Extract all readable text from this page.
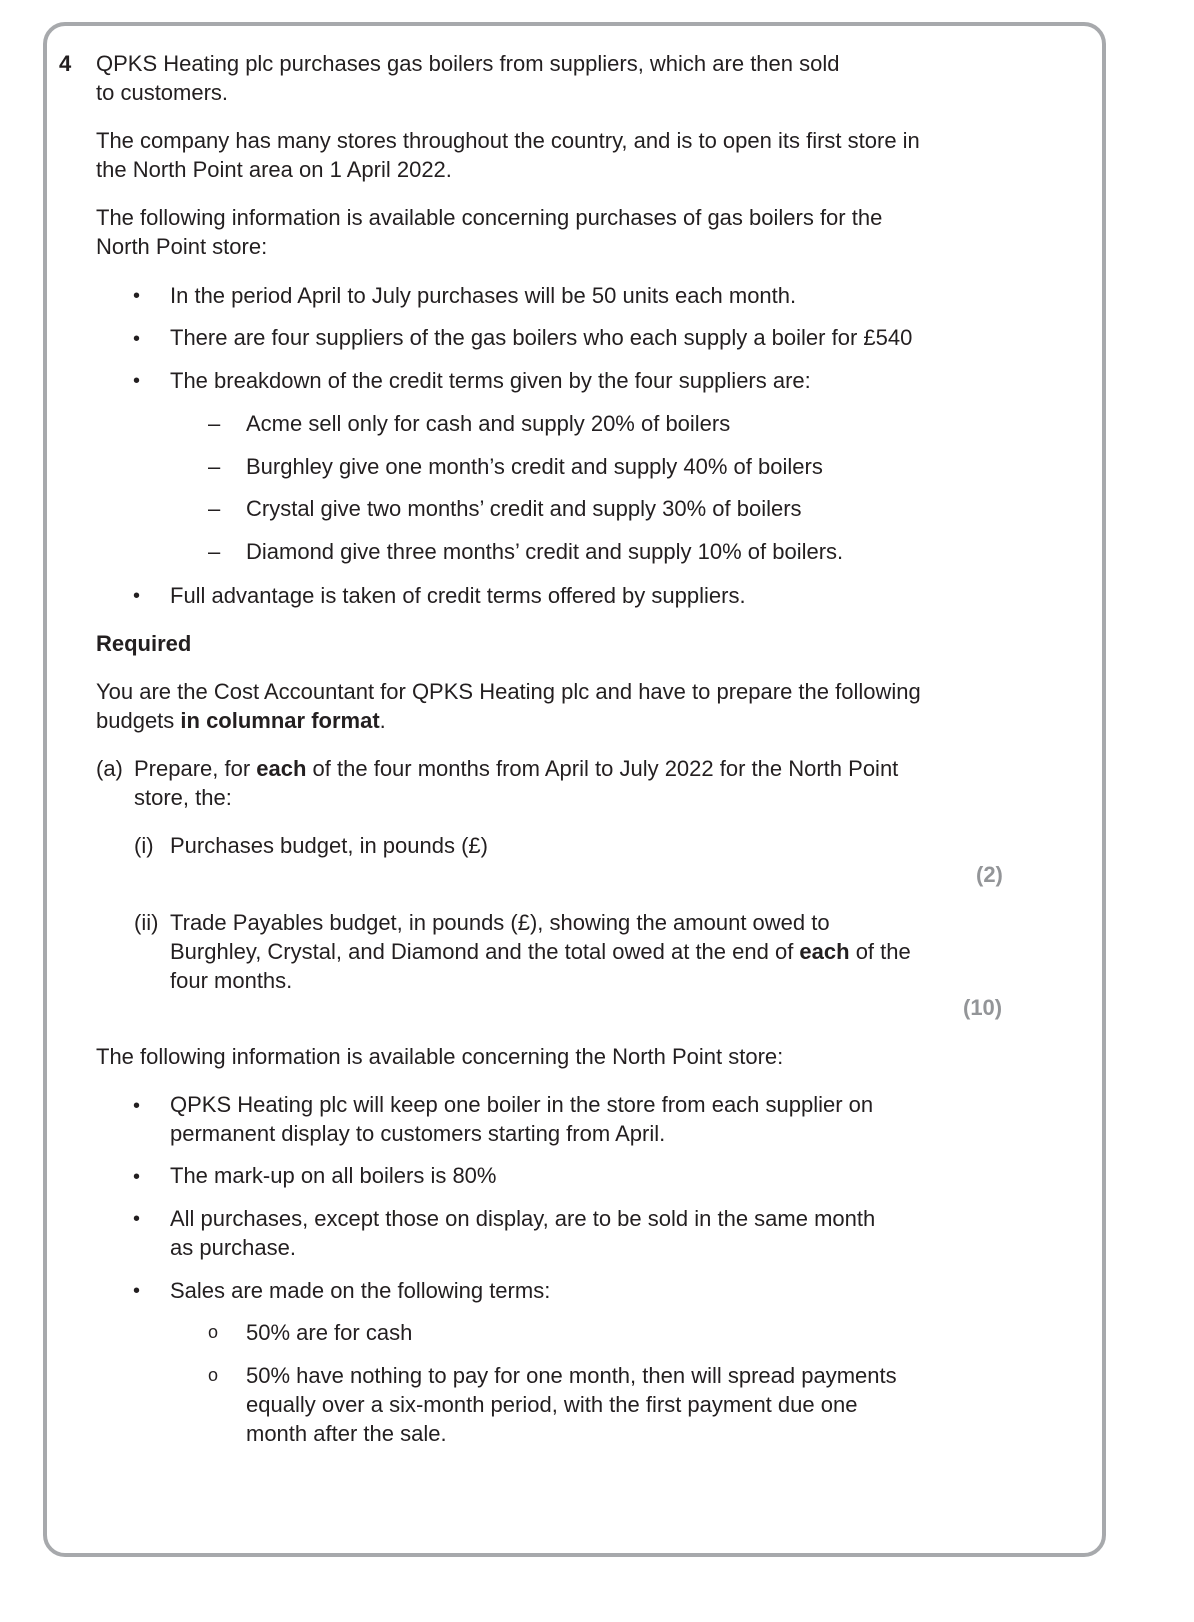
4 QPKS Heating plc purchases gas boilers from suppliers, which are then sold
to customers.
The company has many stores throughout the country, and is to open its first store in
the North Point area on 1 April 2022.
The following information is available concerning purchases of gas boilers for the
North Point store:
• In the period April to July purchases will be 50 units each month.
• There are four suppliers of the gas boilers who each supply a boiler for £540
• The breakdown of the credit terms given by the four suppliers are:
– Acme sell only for cash and supply 20% of boilers
– Burghley give one month’s credit and supply 40% of boilers
– Crystal give two months’ credit and supply 30% of boilers
– Diamond give three months’ credit and supply 10% of boilers.
• Full advantage is taken of credit terms offered by suppliers.
Required
You are the Cost Accountant for QPKS Heating plc and have to prepare the following
budgets in columnar format.
(a) Prepare, for each of the four months from April to July 2022 for the North Point
store, the:
(i) Purchases budget, in pounds (£)
(2)
(ii) Trade Payables budget, in pounds (£), showing the amount owed to
Burghley, Crystal, and Diamond and the total owed at the end of each of the
four months.
(10)
The following information is available concerning the North Point store:
• QPKS Heating plc will keep one boiler in the store from each supplier on
permanent display to customers starting from April.
• The mark-up on all boilers is 80%
• All purchases, except those on display, are to be sold in the same month
as purchase.
• Sales are made on the following terms:
o 50% are for cash
o 50% have nothing to pay for one month, then will spread payments
equally over a six-month period, with the first payment due one
month after the sale.
